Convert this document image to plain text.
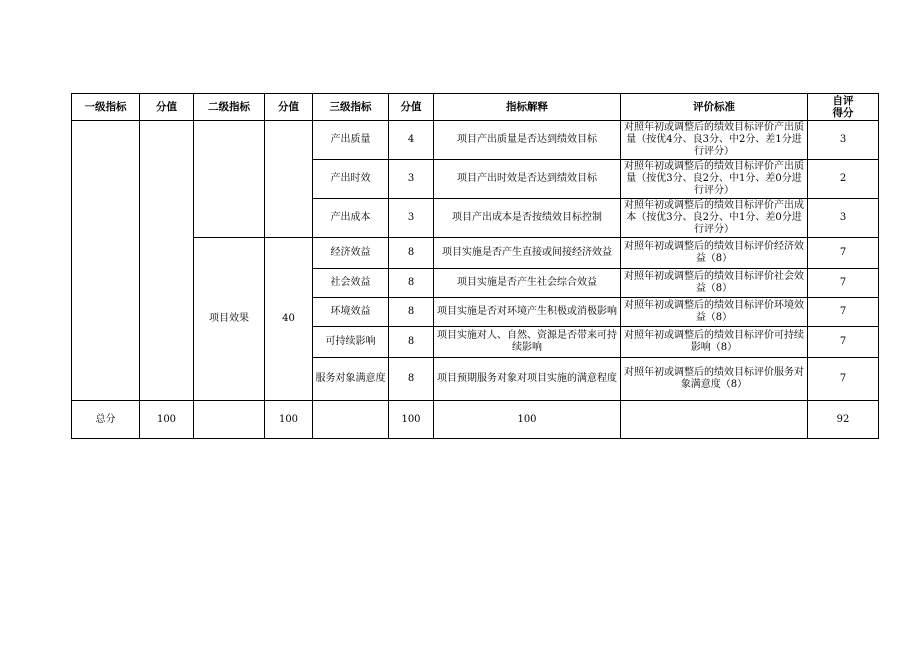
一级指标	分值	二级指标	分值	三级指标	分值	指标解释	评价标准	自评
得分

				产出质量	4	项目产出质量是否达到绩效目标	对照年初或调整后的绩效目标评价产出质量（按优4分、良3分、中2分、差1分进行评分）	3
				产出时效	3	项目产出时效是否达到绩效目标	对照年初或调整后的绩效目标评价产出质量（按优3分、良2分、中1分、差0分进行评分）	2
				产出成本	3	项目产出成本是否按绩效目标控制	对照年初或调整后的绩效目标评价产出成本（按优3分、良2分、中1分、差0分进行评分）	3
		项目效果	40	经济效益	8	项目实施是否产生直接或间接经济效益	对照年初或调整后的绩效目标评价经济效益（8）	7
				社会效益	8	项目实施是否产生社会综合效益	对照年初或调整后的绩效目标评价社会效益（8）	7
				环境效益	8	项目实施是否对环境产生积极或消极影响	对照年初或调整后的绩效目标评价环境效益（8）	7
				可持续影响	8	项目实施对人、自然、资源是否带来可持续影响	对照年初或调整后的绩效目标评价可持续影响（8）	7
				服务对象满意度	8	项目预期服务对象对项目实施的满意程度	对照年初或调整后的绩效目标评价服务对象满意度（8）	7
总分	100		100		100	100		92
